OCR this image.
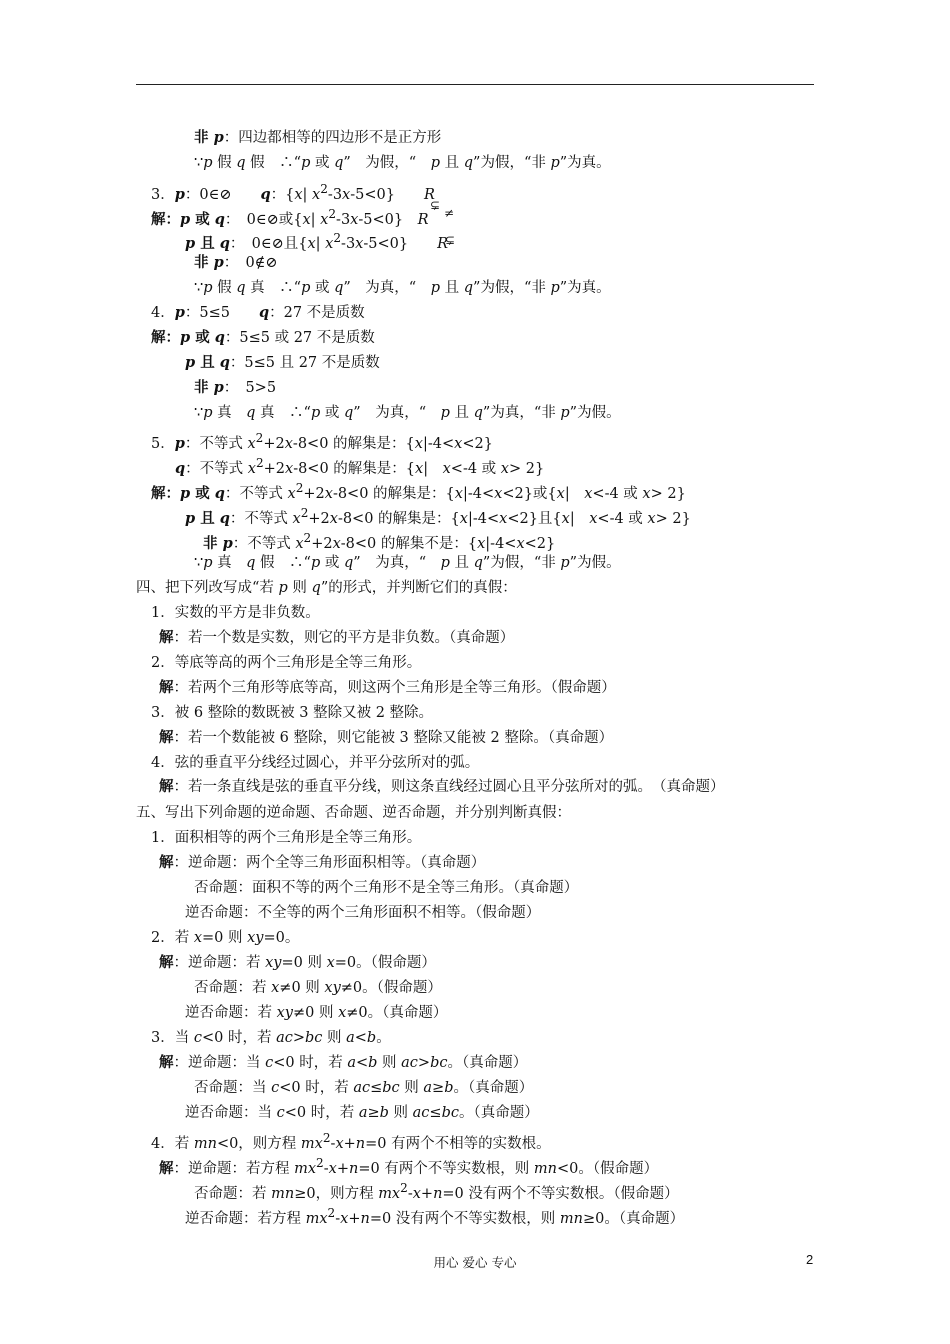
非 p：四边都相等的四边形不是正方形
∵p 假 q 假　∴“p 或 q”　为假，“　p 且 q”为假，“非 p”为真。
3．p：0∈⊘　　q：{x| $x^2-3x-5<0$}　　R
解：p 或 q：　0∈⊘或{x| $x^2-3x-5<0$}　R
p 且 q：　0∈⊘且{x| $x^2-3x-5<0$}　　R
非 p：　0∉⊘
∵p 假 q 真　∴“p 或 q”　为真，“　p 且 q”为假，“非 p”为真。
4．p：5≤5　　q：27 不是质数
解：p 或 q：5≤5 或 27 不是质数
p 且 q：5≤5 且 27 不是质数
非 p：　5>5
∵p 真　q 真　∴“p 或 q”　为真，“　p 且 q”为真，“非 p”为假。
5．p：不等式 $x^2+2x-8<0$ 的解集是：{x|-4<x<2}
q：不等式 $x^2+2x-8<0$ 的解集是：{x|　x<-4 或 x> 2}
解：p 或 q：不等式 $x^2+2x-8<0$ 的解集是：{x|-4<x<2}或{x|　x<-4 或 x> 2}
p 且 q：不等式 $x^2+2x-8<0$ 的解集是：{x|-4<x<2}且{x|　x<-4 或 x> 2}
非 p：不等式 $x^2+2x-8<0$ 的解集不是：{x|-4<x<2}
∵p 真　q 假　∴“p 或 q”　为真，“　p 且 q”为假，“非 p”为假。
四、把下列改写成“若 p 则 q”的形式，并判断它们的真假：
1．实数的平方是非负数。
解：若一个数是实数，则它的平方是非负数。（真命题）
2．等底等高的两个三角形是全等三角形。
解：若两个三角形等底等高，则这两个三角形是全等三角形。（假命题）
3．被 6 整除的数既被 3 整除又被 2 整除。
解：若一个数能被 6 整除，则它能被 3 整除又能被 2 整除。（真命题）
4．弦的垂直平分线经过圆心，并平分弦所对的弧。
解：若一条直线是弦的垂直平分线，则这条直线经过圆心且平分弦所对的弧。　（真命题）
五、写出下列命题的逆命题、否命题、逆否命题，并分别判断真假：
1．面积相等的两个三角形是全等三角形。
解：逆命题：两个全等三角形面积相等。（真命题）
否命题：面积不等的两个三角形不是全等三角形。（真命题）
逆否命题：不全等的两个三角形面积不相等。（假命题）
2．若 x=0 则 xy=0。
解：逆命题：若 xy=0 则 x=0。（假命题）
否命题：若 x≠0 则 xy≠0。（假命题）
逆否命题：若 xy≠0 则 x≠0。（真命题）
3．当 c<0 时，若 ac>bc 则 a<b。
解：逆命题：当 c<0 时，若 a<b 则 ac>bc。（真命题）
否命题：当 c<0 时，若 ac≤bc 则 a≥b。（真命题）
逆否命题：当 c<0 时，若 a≥b 则 ac≤bc。（真命题）
4．若 mn<0，则方程 $mx^2-x+n=0$ 有两个不相等的实数根。
解：逆命题：若方程 $mx^2-x+n=0$ 有两个不等实数根，则 mn<0。（假命题）
否命题：若 mn≥0，则方程 $mx^2-x+n=0$ 没有两个不等实数根。（假命题）
逆否命题：若方程 $mx^2-x+n=0$ 没有两个不等实数根，则 mn≥0。（真命题）
⊊
≠
⊊
用心 爱心 专心	2
